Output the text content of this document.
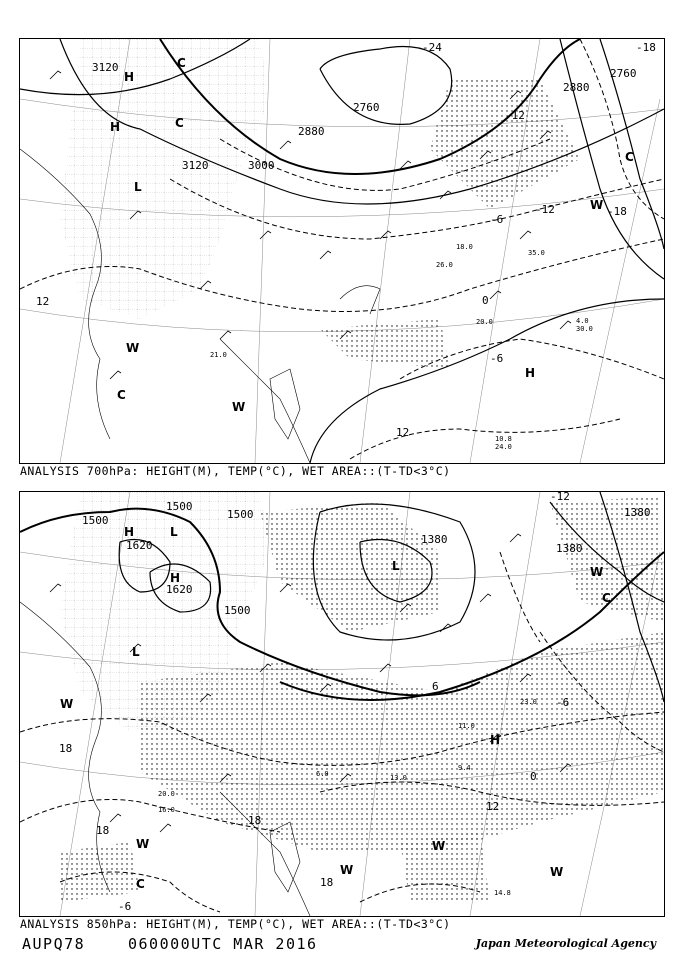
3120
3120	3000
2880
2760
2880
2760
12
-6
-12
-18
-18
0
-6
-12
12
-24
H
H
L
C
C
W
W
C
W
H
C
20.0
35.0
26.0
18.0
30.0
24.0
21.0
10.8
4.0
ANALYSIS 700hPa: HEIGHT(M), TEMP(°C), WET AREA::(T-TD<3°C)
1500
1500
1500
1620
1620
1380
1380
1380
1500
18
18
18
18
12
-6
0
-12
6
-6
H
H
L
L
L
W
W
W
W
C
H
C
W
W
16.0
20.0
13.0
14.8
23.0
11.0
9.4
6.0
ANALYSIS 850hPa: HEIGHT(M), TEMP(°C), WET AREA::(T-TD<3°C)
AUPQ78	060000UTC MAR 2016	Japan Meteorological Agency
